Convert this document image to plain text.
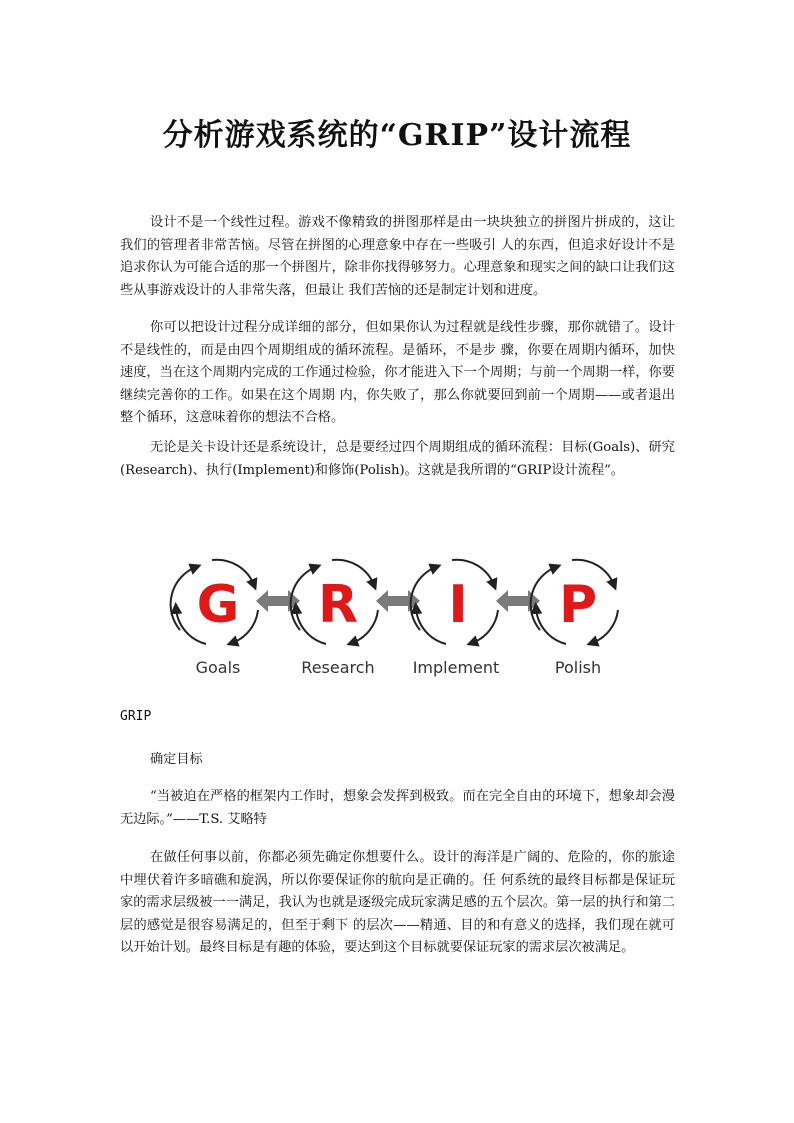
分析游戏系统的“GRIP”设计流程

设计不是一个线性过程。游戏不像精致的拼图那样是由一块块独立的拼图片拼成的，这让我们的管理者非常苦恼。尽管在拼图的心理意象中存在一些吸引 人的东西，但追求好设计不是追求你认为可能合适的那一个拼图片，除非你找得够努力。心理意象和现实之间的缺口让我们这些从事游戏设计的人非常失落，但最让 我们苦恼的还是制定计划和进度。

你可以把设计过程分成详细的部分，但如果你认为过程就是线性步骤，那你就错了。设计不是线性的，而是由四个周期组成的循环流程。是循环，不是步 骤，你要在周期内循环，加快速度，当在这个周期内完成的工作通过检验，你才能进入下一个周期；与前一个周期一样，你要继续完善你的工作。如果在这个周期 内，你失败了，那么你就要回到前一个周期——或者退出整个循环，这意味着你的想法不合格。

无论是关卡设计还是系统设计，总是要经过四个周期组成的循环流程：目标(Goals)、研究(Research)、执行(Implement)和修饰(Polish)。这就是我所谓的“GRIP设计流程”。

G R I P
Goals	Research Implement	Polish

GRIP

确定目标

“当被迫在严格的框架内工作时，想象会发挥到极致。而在完全自由的环境下，想象却会漫无边际。”——T.S. 艾略特

在做任何事以前，你都必须先确定你想要什么。设计的海洋是广阔的、危险的，你的旅途中埋伏着许多暗礁和旋涡，所以你要保证你的航向是正确的。任 何系统的最终目标都是保证玩家的需求层级被一一满足，我认为也就是逐级完成玩家满足感的五个层次。第一层的执行和第二层的感觉是很容易满足的，但至于剩下 的层次——精通、目的和有意义的选择，我们现在就可以开始计划。最终目标是有趣的体验，要达到这个目标就要保证玩家的需求层次被满足。
